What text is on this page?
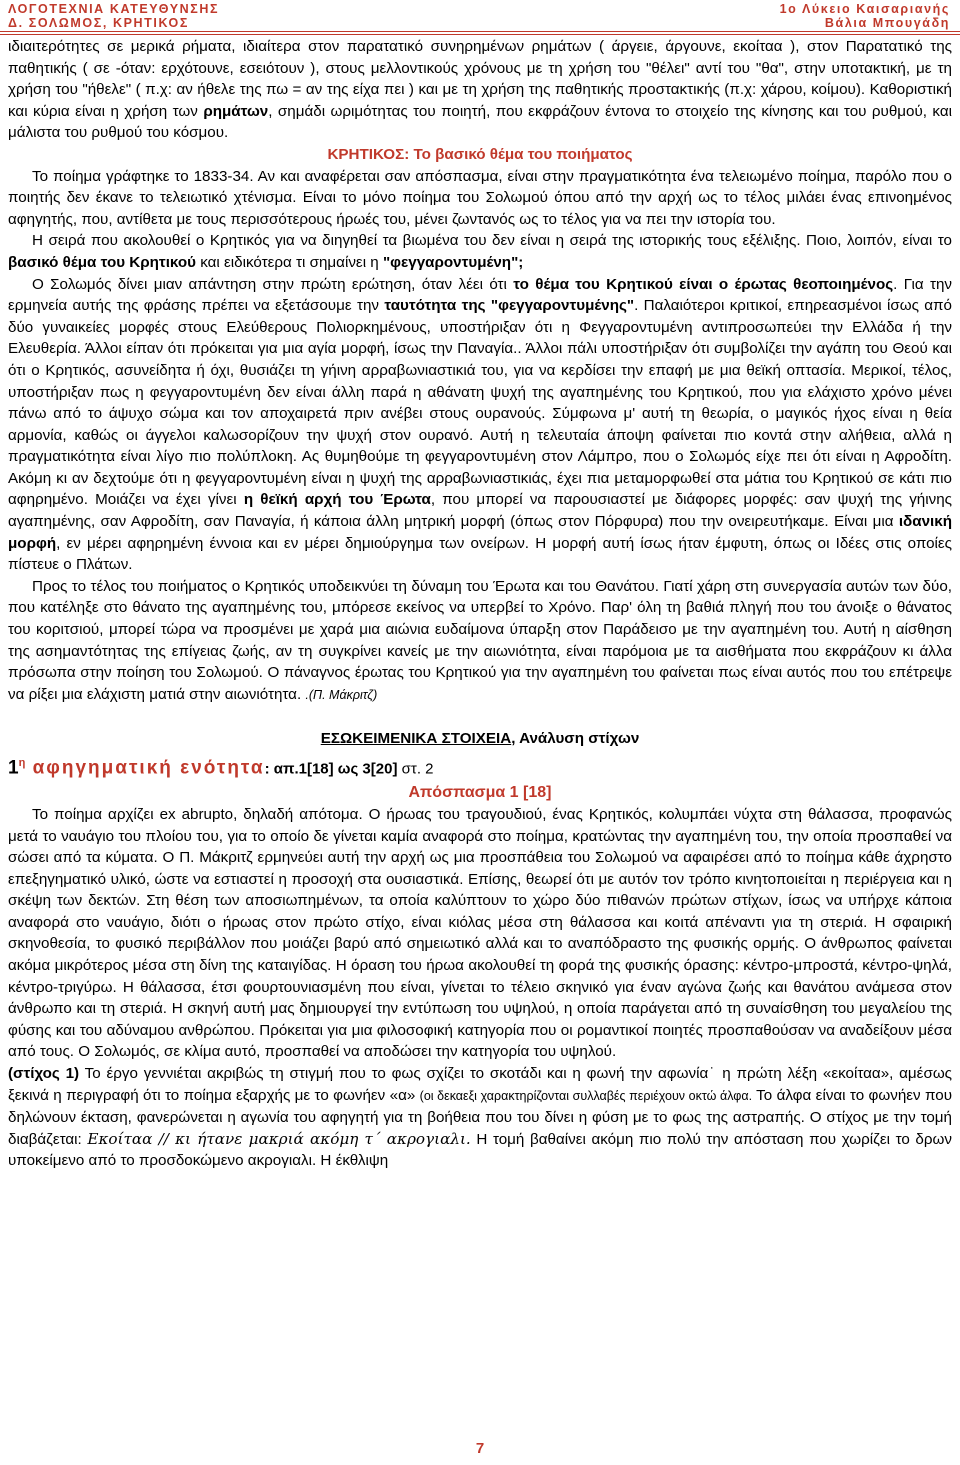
ΛΟΓΟΤΕΧΝΙΑ ΚΑΤΕΥΘΥΝΣΗΣ
Δ. ΣΟΛΩΜΟΣ, ΚΡΗΤΙΚΟΣ
1ο Λύκειο Καισαριανής
Βάλια Μπουγάδη

ιδιαιτερότητες σε μερικά ρήματα, ιδιαίτερα στον παρατατικό συνηρημένων ρημάτων ( άργειε, άργουνε, εκοίταα ), στον Παρατατικό της παθητικής ( σε -όταν: ερχότουνε, εσειότουν ), στους μελλοντικούς χρόνους με τη χρήση του "θέλει" αντί του "θα", στην υποτακτική, με τη χρήση του "ήθελε" ( π.χ: αν ήθελε της πω = αν της είχα πει ) και με τη χρήση της παθητικής προστακτικής (π.χ: χάρου, κοίμου). Καθοριστική και κύρια είναι η χρήση των ρημάτων, σημάδι ωριμότητας του ποιητή, που εκφράζουν έντονα το στοιχείο της κίνησης και του ρυθμού, και μάλιστα του ρυθμού του κόσμου.

ΚΡΗΤΙΚΟΣ: Το βασικό θέμα του ποιήματος

Το ποίημα γράφτηκε το 1833-34. Αν και αναφέρεται σαν απόσπασμα, είναι στην πραγματικότητα ένα τελειωμένο ποίημα, παρόλο που ο ποιητής δεν έκανε το τελειωτικό χτένισμα. Είναι το μόνο ποίημα του Σολωμού όπου από την αρχή ως το τέλος μιλάει ένας επινοημένος αφηγητής, που, αντίθετα με τους περισσότερους ήρωές του, μένει ζωντανός ως το τέλος για να πει την ιστορία του.

Η σειρά που ακολουθεί ο Κρητικός για να διηγηθεί τα βιωμένα του δεν είναι η σειρά της ιστορικής τους εξέλιξης. Ποιο, λοιπόν, είναι το βασικό θέμα του Κρητικού και ειδικότερα τι σημαίνει η "φεγγαροντυμένη";

Ο Σολωμός δίνει μιαν απάντηση στην πρώτη ερώτηση, όταν λέει ότι το θέμα του Κρητικού είναι ο έρωτας θεοποιημένος. Για την ερμηνεία αυτής της φράσης πρέπει να εξετάσουμε την ταυτότητα της "φεγγαροντυμένης". Παλαιότεροι κριτικοί, επηρεασμένοι ίσως από δύο γυναικείες μορφές στους Ελεύθερους Πολιορκημένους, υποστήριξαν ότι η Φεγγαροντυμένη αντιπροσωπεύει την Ελλάδα ή την Ελευθερία. Άλλοι είπαν ότι πρόκειται για μια αγία μορφή, ίσως την Παναγία.. Άλλοι πάλι υποστήριξαν ότι συμβολίζει την αγάπη του Θεού και ότι ο Κρητικός, ασυνείδητα ή όχι, θυσιάζει τη γήινη αρραβωνιαστικιά του, για να κερδίσει την επαφή με μια θεϊκή οπτασία. Μερικοί, τέλος, υποστήριξαν πως η φεγγαροντυμένη δεν είναι άλλη παρά η αθάνατη ψυχή της αγαπημένης του Κρητικού, που για ελάχιστο χρόνο μένει πάνω από το άψυχο σώμα και τον αποχαιρετά πριν ανέβει στους ουρανούς. Σύμφωνα μ' αυτή τη θεωρία, ο μαγικός ήχος είναι η θεία αρμονία, καθώς οι άγγελοι καλωσορίζουν την ψυχή στον ουρανό. Αυτή η τελευταία άποψη φαίνεται πιο κοντά στην αλήθεια, αλλά η πραγματικότητα είναι λίγο πιο πολύπλοκη. Ας θυμηθούμε τη φεγγαροντυμένη στον Λάμπρο, που ο Σολωμός είχε πει ότι είναι η Αφροδίτη. Ακόμη κι αν δεχτούμε ότι η φεγγαροντυμένη είναι η ψυχή της αρραβωνιαστικιάς, έχει πια μεταμορφωθεί στα μάτια του Κρητικού σε κάτι πιο αφηρημένο. Μοιάζει να έχει γίνει η θεϊκή αρχή του Έρωτα, που μπορεί να παρουσιαστεί με διάφορες μορφές: σαν ψυχή της γήινης αγαπημένης, σαν Αφροδίτη, σαν Παναγία, ή κάποια άλλη μητρική μορφή (όπως στον Πόρφυρα) που την ονειρευτήκαμε. Είναι μια ιδανική μορφή, εν μέρει αφηρημένη έννοια και εν μέρει δημιούργημα των ονείρων. Η μορφή αυτή ίσως ήταν έμφυτη, όπως οι Ιδέες στις οποίες πίστευε ο Πλάτων.

Προς το τέλος του ποιήματος ο Κρητικός υποδεικνύει τη δύναμη του Έρωτα και του Θανάτου. Γιατί χάρη στη συνεργασία αυτών των δύο, που κατέληξε στο θάνατο της αγαπημένης του, μπόρεσε εκείνος να υπερβεί το Χρόνο. Παρ' όλη τη βαθιά πληγή που του άνοιξε ο θάνατος του κοριτσιού, μπορεί τώρα να προσμένει με χαρά μια αιώνια ευδαίμονα ύπαρξη στον Παράδεισο με την αγαπημένη του. Αυτή η αίσθηση της ασημαντότητας της επίγειας ζωής, αν τη συγκρίνει κανείς με την αιωνιότητα, είναι παρόμοια με τα αισθήματα που εκφράζουν κι άλλα πρόσωπα στην ποίηση του Σολωμού. Ο πάναγνος έρωτας του Κρητικού για την αγαπημένη του φαίνεται πως είναι αυτός που του επέτρεψε να ρίξει μια ελάχιστη ματιά στην αιωνιότητα. .(Π. Μάκριτζ)

ΕΣΩΚΕΙΜΕΝΙΚΑ ΣΤΟΙΧΕΙΑ, Ανάλυση στίχων

$1^\eta$ αφηγηματική ενότητα: απ.1[18] ως 3[20] στ. 2

Απόσπασμα 1 [18]

Το ποίημα αρχίζει ex abrupto, δηλαδή απότομα. Ο ήρωας του τραγουδιού, ένας Κρητικός, κολυμπάει νύχτα στη θάλασσα, προφανώς μετά το ναυάγιο του πλοίου του, για το οποίο δε γίνεται καμία αναφορά στο ποίημα, κρατώντας την αγαπημένη του, την οποία προσπαθεί να σώσει από τα κύματα. Ο Π. Μάκριτζ ερμηνεύει αυτή την αρχή ως μια προσπάθεια του Σολωμού να αφαιρέσει από το ποίημα κάθε άχρηστο επεξηγηματικό υλικό, ώστε να εστιαστεί η προσοχή στα ουσιαστικά. Επίσης, θεωρεί ότι με αυτόν τον τρόπο κινητοποιείται η περιέργεια και η σκέψη των δεκτών. Στη θέση των αποσιωπημένων, τα οποία καλύπτουν το χώρο δύο πιθανών πρώτων στίχων, ίσως να υπήρχε κάποια αναφορά στο ναυάγιο, διότι ο ήρωας στον πρώτο στίχο, είναι κιόλας μέσα στη θάλασσα και κοιτά απέναντι για τη στεριά. Η σφαιρική σκηνοθεσία, το φυσικό περιβάλλον που μοιάζει βαρύ από σημειωτικό αλλά και το αναπόδραστο της φυσικής ορμής. Ο άνθρωπος φαίνεται ακόμα μικρότερος μέσα στη δίνη της καταιγίδας. Η όραση του ήρωα ακολουθεί τη φορά της φυσικής όρασης: κέντρο-μπροστά, κέντρο-ψηλά, κέντρο-τριγύρω. Η θάλασσα, έτσι φουρτουνιασμένη που είναι, γίνεται το τέλειο σκηνικό για έναν αγώνα ζωής και θανάτου ανάμεσα στον άνθρωπο και τη στεριά. Η σκηνή αυτή μας δημιουργεί την εντύπωση του υψηλού, η οποία παράγεται από τη συναίσθηση του μεγαλείου της φύσης και του αδύναμου ανθρώπου. Πρόκειται για μια φιλοσοφική κατηγορία που οι ρομαντικοί ποιητές προσπαθούσαν να αναδείξουν μέσα από τους. Ο Σολωμός, σε κλίμα αυτό, προσπαθεί να αποδώσει την κατηγορία του υψηλού.

(στίχος 1) Το έργο γεννιέται ακριβώς τη στιγμή που το φως σχίζει το σκοτάδι και η φωνή την αφωνία˙ η πρώτη λέξη «εκοίταα», αμέσως ξεκινά η περιγραφή ότι το ποίημα εξαρχής με το φωνήεν «α» (οι δεκαεξι χαρακτηρίζονται συλλαβές περιέχουν οκτώ άλφα. Το άλφα είναι το φωνήεν που δηλώνουν έκταση, φανερώνεται η αγωνία του αφηγητή για τη βοήθεια που του δίνει η φύση με το φως της αστραπής. Ο στίχος με την τομή διαβάζεται: Εκοίταα // κι ήτανε μακριά ακόμη τ΄ ακρογιαλι. Η τομή βαθαίνει ακόμη πιο πολύ την απόσταση που χωρίζει το δρων υποκείμενο από το προσδοκώμενο ακρογιαλι. Η έκθλιψη

7
